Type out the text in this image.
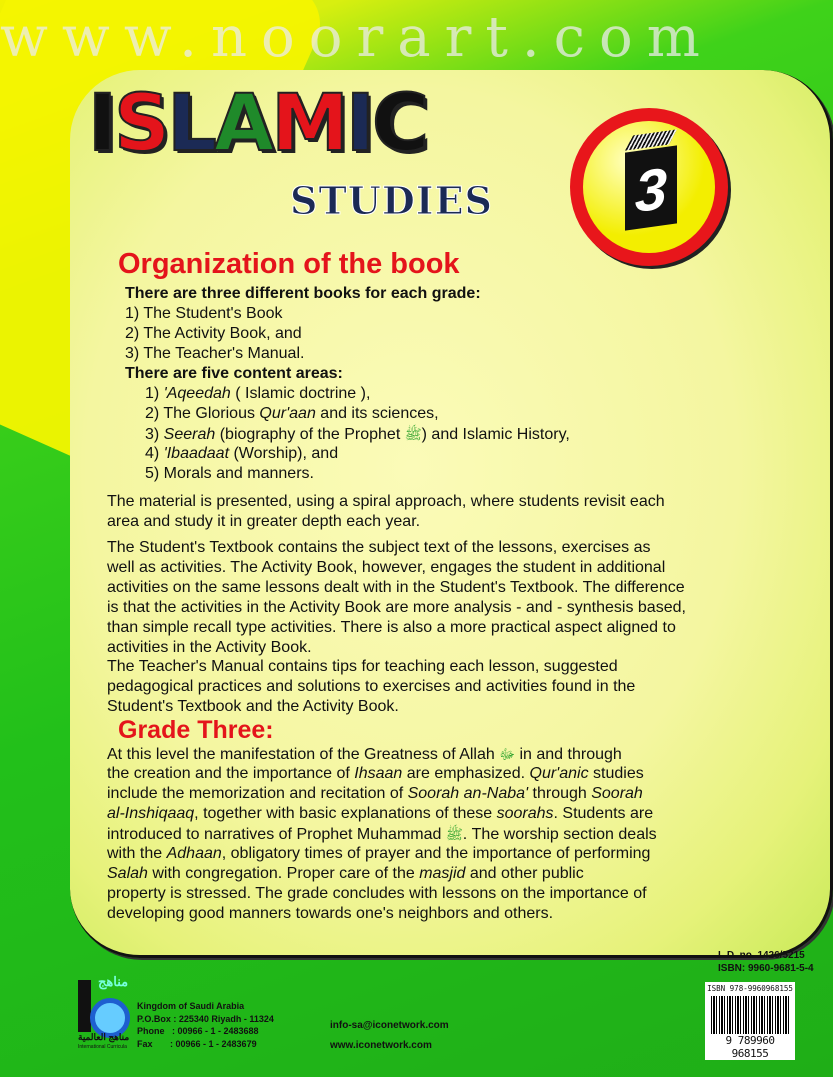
www.noorart.com
ISLAMIC
STUDIES 3
Organization of the book
There are three different books for each grade:
1) The Student's Book
2) The Activity Book, and
3) The Teacher's Manual.
There are five content areas:
1) 'Aqeedah ( Islamic doctrine ),
2) The Glorious Qur'aan and its sciences,
3) Seerah (biography of the Prophet ﷺ) and Islamic History,
4) 'Ibaadaat (Worship), and
5) Morals and manners.
The material is presented, using a spiral approach, where students revisit each
area and study it in greater depth each year.
The Student's Textbook contains the subject text of the lessons, exercises as
well as activities. The Activity Book, however, engages the student in additional
activities on the same lessons dealt with in the Student's Textbook. The difference
is that the activities in the Activity Book are more analysis - and - synthesis based,
than simple recall type activities. There is also a more practical aspect aligned to
activities in the Activity Book.
The Teacher's Manual contains tips for teaching each lesson, suggested
pedagogical practices and solutions to exercises and activities found in the
Student's Textbook and the Activity Book.
Grade Three:
At this level the manifestation of the Greatness of Allah ﷻ in and through
the creation and the importance of Ihsaan are emphasized. Qur'anic studies
include the memorization and recitation of Soorah an-Naba' through Soorah
al-Inshiqaaq, together with basic explanations of these soorahs. Students are
introduced to narratives of Prophet Muhammad ﷺ. The worship section deals
with the Adhaan, obligatory times of prayer and the importance of performing
Salah with congregation. Proper care of the masjid and other public
property is stressed. The grade concludes with lessons on the importance of
developing good manners towards one's neighbors and others.
L.D. no. 1426/5215
ISBN: 9960-9681-5-4
ISBN 978-9960968155
9 789960 968155
مناهج
مناهج العالمية
International Curricula
Kingdom of Saudi Arabia
P.O.Box : 225340 Riyadh - 11324
Phone   : 00966 - 1 - 2483688
Fax       : 00966 - 1 - 2483679
info-sa@iconetwork.com
www.iconetwork.com
